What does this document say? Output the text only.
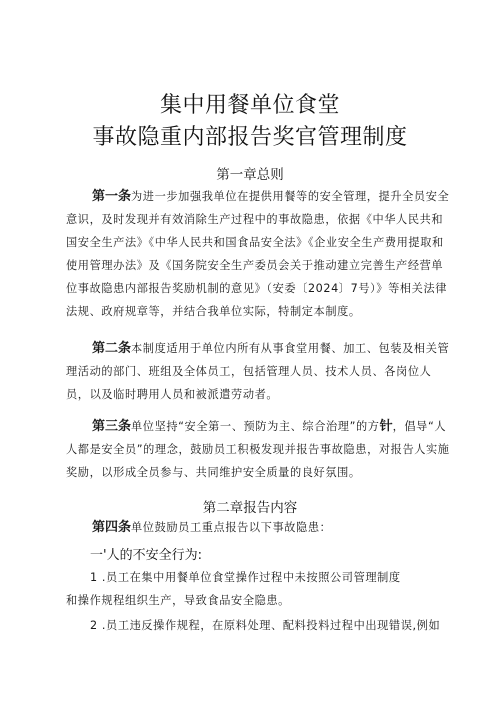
集中用餐单位食堂
事故隐重内部报告奖官管理制度
第一章总则

第一条为进一步加强我单位在提供用餐等的安全管理，提升全员安全意识，及时发现并有效消除生产过程中的事故隐患，依据《中华人民共和国安全生产法》《中华人民共和国食品安全法》《企业安全生产费用提取和使用管理办法》及《国务院安全生产委员会关于推动建立完善生产经营单位事故隐患内部报告奖励机制的意见》（安委〔2024〕7号）》等相关法律法规、政府规章等，并结合我单位实际，特制定本制度。

第二条本制度适用于单位内所有从事食堂用餐、加工、包装及相关管理活动的部门、班组及全体员工，包括管理人员、技术人员、各岗位人员，以及临时聘用人员和被派遣劳动者。

第三条单位坚持“安全第一、预防为主、综合治理”的方针，倡导“人人都是安全员”的理念，鼓励员工积极发现并报告事故隐患，对报告人实施奖励，以形成全员参与、共同维护安全质量的良好氛围。

第二章报告内容

第四条单位鼓励员工重点报告以下事故隐患：

一'人的不安全行为:

1 .员工在集中用餐单位食堂操作过程中未按照公司管理制度

和操作规程组织生产，导致食品安全隐患。

2 .员工违反操作规程，在原料处理、配料投料过程中出现错误,例如
